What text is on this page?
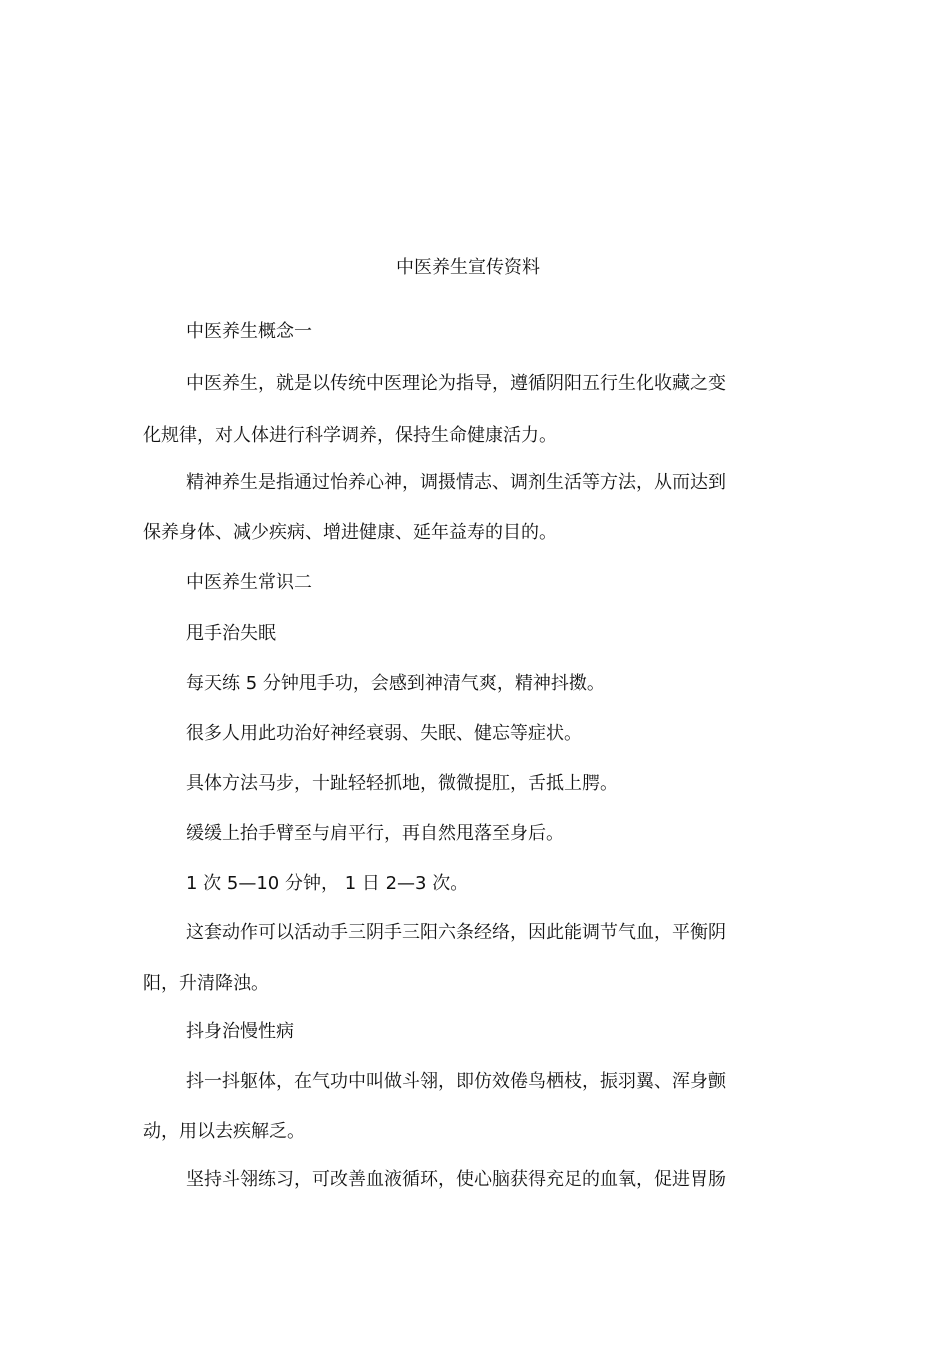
中医养生宣传资料
中医养生概念一
中医养生，就是以传统中医理论为指导，遵循阴阳五行生化收藏之变
化规律，对人体进行科学调养，保持生命健康活力。
精神养生是指通过怡养心神，调摄情志、调剂生活等方法，从而达到
保养身体、减少疾病、增进健康、延年益寿的目的。
中医养生常识二
甩手治失眠
每天练 5 分钟甩手功，会感到神清气爽，精神抖擞。
很多人用此功治好神经衰弱、失眠、健忘等症状。
具体方法马步，十趾轻轻抓地，微微提肛，舌抵上腭。
缓缓上抬手臂至与肩平行，再自然甩落至身后。
1 次 5—10 分钟， 1 日 2—3 次。
这套动作可以活动手三阴手三阳六条经络，因此能调节气血，平衡阴
阳，升清降浊。
抖身治慢性病
抖一抖躯体，在气功中叫做斗翎，即仿效倦鸟栖枝，振羽翼、浑身颤
动，用以去疾解乏。
坚持斗翎练习，可改善血液循环，使心脑获得充足的血氧，促进胃肠
